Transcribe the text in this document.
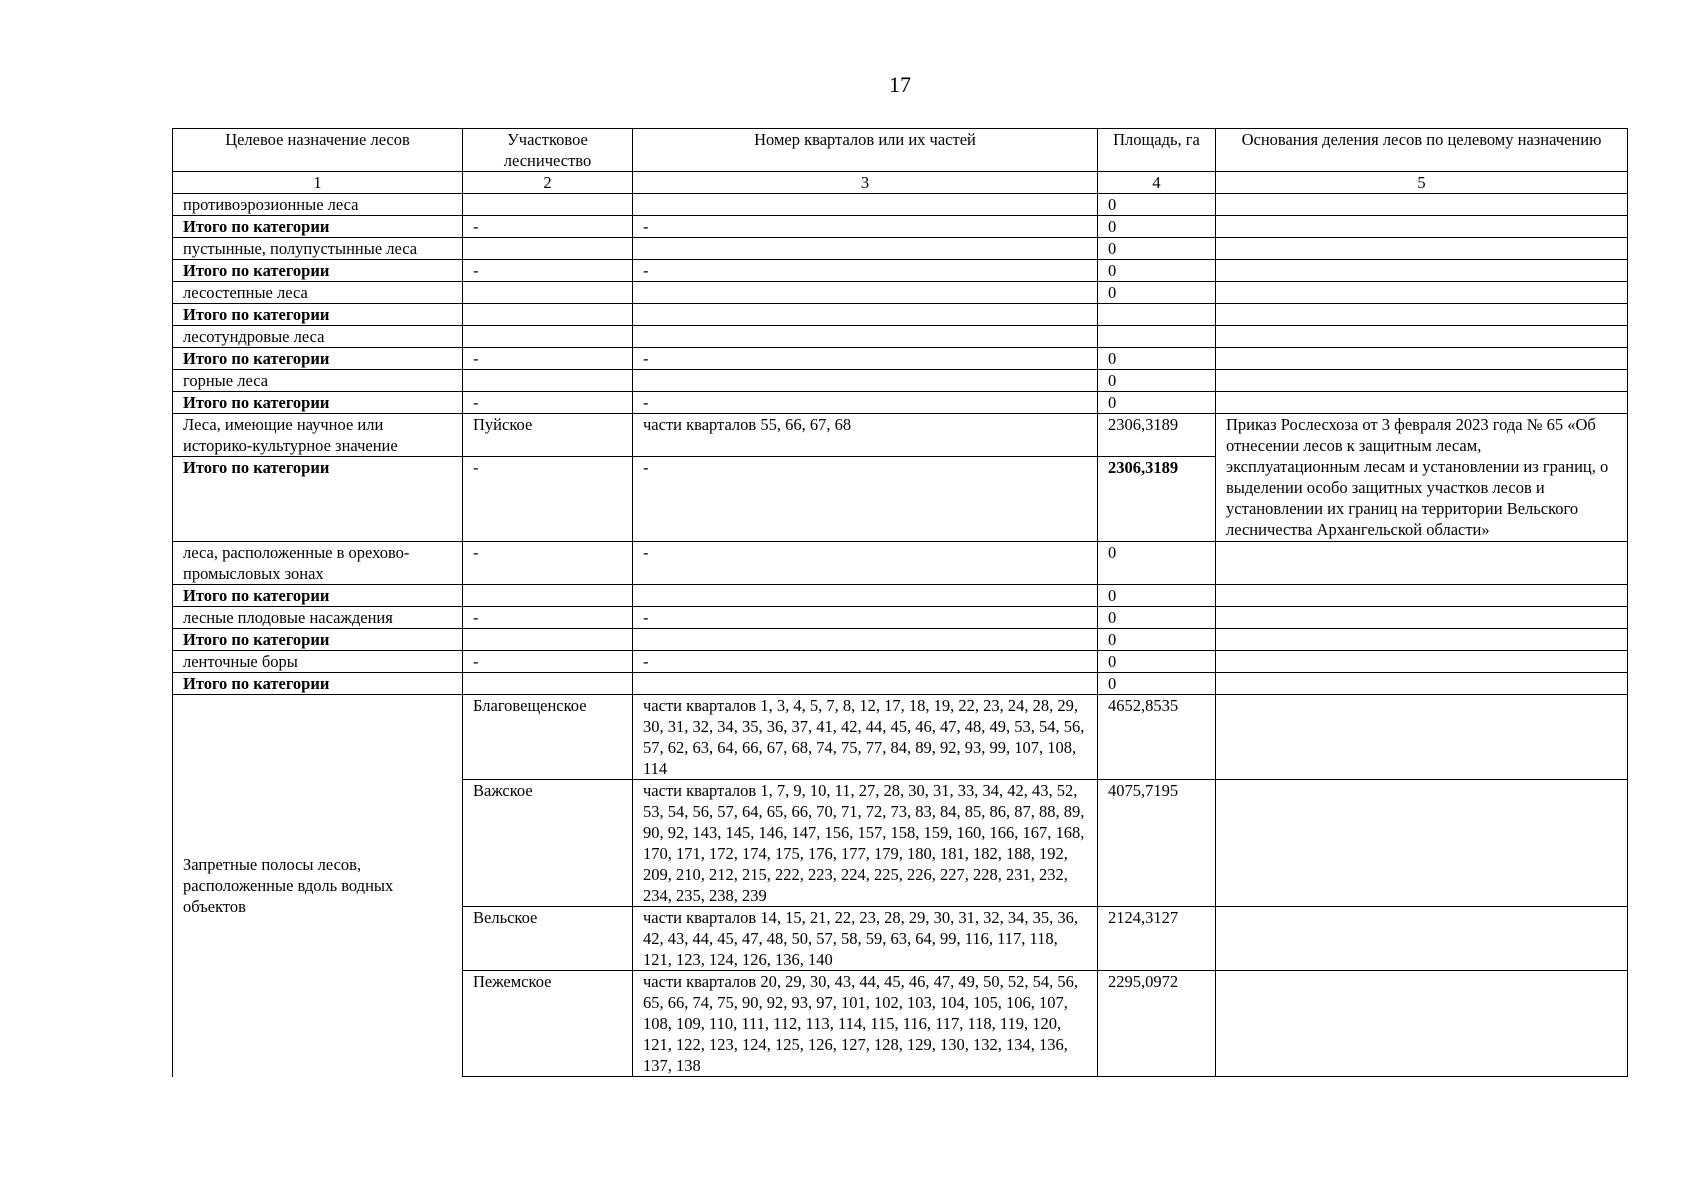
17
Целевое назначение лесов	Участковое лесничество	Номер кварталов или их частей	Площадь, га	Основания деления лесов по целевому назначению
1	2	3	4	5
противоэрозионные леса			0	
Итого по категории	-	-	0	
пустынные, полупустынные леса			0	
Итого по категории	-	-	0	
лесостепные леса			0	
Итого по категории				
лесотундровые леса				
Итого по категории	-	-	0	
горные леса			0	
Итого по категории	-	-	0	
Леса, имеющие научное или историко-культурное значение	Пуйское	части кварталов 55, 66, 67, 68	2306,3189	Приказ Рослесхоза от 3 февраля 2023 года № 65 «Об отнесении лесов к защитным лесам, эксплуатационным лесам и установлении из границ, о выделении особо защитных участков лесов и установлении их границ на территории Вельского лесничества Архангельской области»
Итого по категории	-	-	2306,3189	
леса, расположенные в орехово-промысловых зонах	-	-	0	
Итого по категории			0	
лесные плодовые насаждения	-	-	0	
Итого по категории			0	
ленточные боры	-	-	0	
Итого по категории			0	
Запретные полосы лесов, расположенные вдоль водных объектов	Благовещенское	части кварталов 1, 3, 4, 5, 7, 8, 12, 17, 18, 19, 22, 23, 24, 28, 29, 30, 31, 32, 34, 35, 36, 37, 41, 42, 44, 45, 46, 47, 48, 49, 53, 54, 56, 57, 62, 63, 64, 66, 67, 68, 74, 75, 77, 84, 89, 92, 93, 99, 107, 108, 114	4652,8535	
	Важское	части кварталов 1, 7, 9, 10, 11, 27, 28, 30, 31, 33, 34, 42, 43, 52, 53, 54, 56, 57, 64, 65, 66, 70, 71, 72, 73, 83, 84, 85, 86, 87, 88, 89, 90, 92, 143, 145, 146, 147, 156, 157, 158, 159, 160, 166, 167, 168, 170, 171, 172, 174, 175, 176, 177, 179, 180, 181, 182, 188, 192, 209, 210, 212, 215, 222, 223, 224, 225, 226, 227, 228, 231, 232, 234, 235, 238, 239	4075,7195	
	Вельское	части кварталов 14, 15, 21, 22, 23, 28, 29, 30, 31, 32, 34, 35, 36, 42, 43, 44, 45, 47, 48, 50, 57, 58, 59, 63, 64, 99, 116, 117, 118, 121, 123, 124, 126, 136, 140	2124,3127	
	Пежемское	части кварталов 20, 29, 30, 43, 44, 45, 46, 47, 49, 50, 52, 54, 56, 65, 66, 74, 75, 90, 92, 93, 97, 101, 102, 103, 104, 105, 106, 107, 108, 109, 110, 111, 112, 113, 114, 115, 116, 117, 118, 119, 120, 121, 122, 123, 124, 125, 126, 127, 128, 129, 130, 132, 134, 136, 137, 138	2295,0972	
